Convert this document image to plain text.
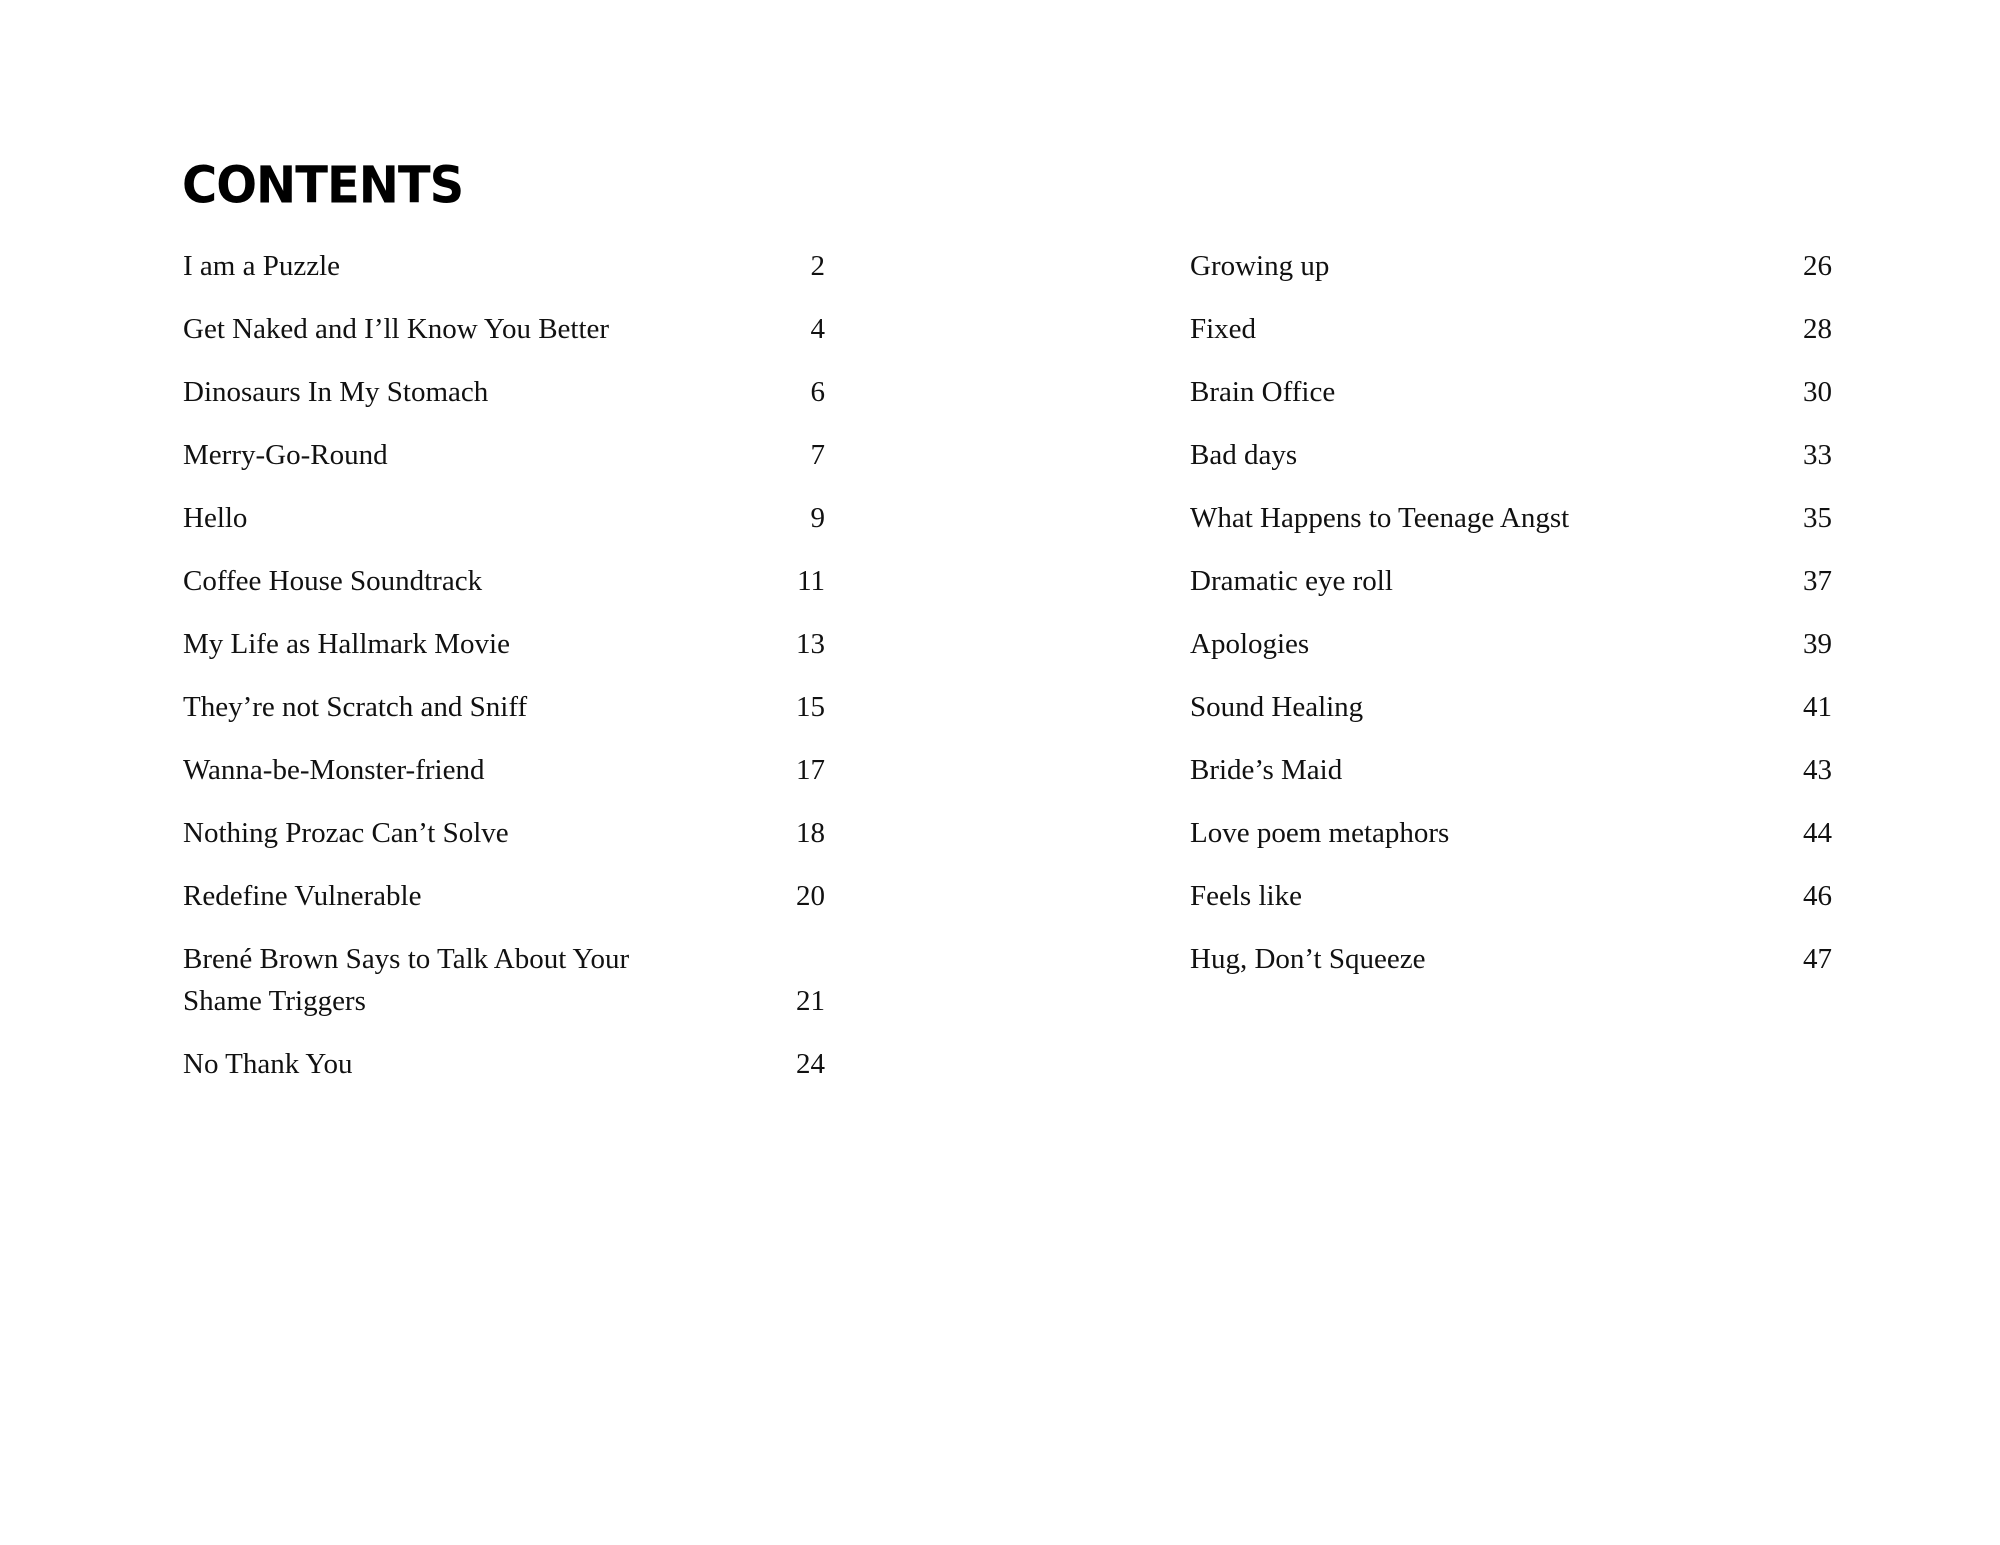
CONTENTS
I am a Puzzle	2
Get Naked and I’ll Know You Better	4
Dinosaurs In My Stomach	6
Merry-Go-Round	7
Hello	9
Coffee House Soundtrack	11
My Life as Hallmark Movie	13
They’re not Scratch and Sniff	15
Wanna-be-Monster-friend	17
Nothing Prozac Can’t Solve	18
Redefine Vulnerable	20
Brené Brown Says to Talk About Your Shame Triggers	21
No Thank You	24
Growing up	26
Fixed	28
Brain Office	30
Bad days	33
What Happens to Teenage Angst	35
Dramatic eye roll	37
Apologies	39
Sound Healing	41
Bride’s Maid	43
Love poem metaphors	44
Feels like	46
Hug, Don’t Squeeze	47
